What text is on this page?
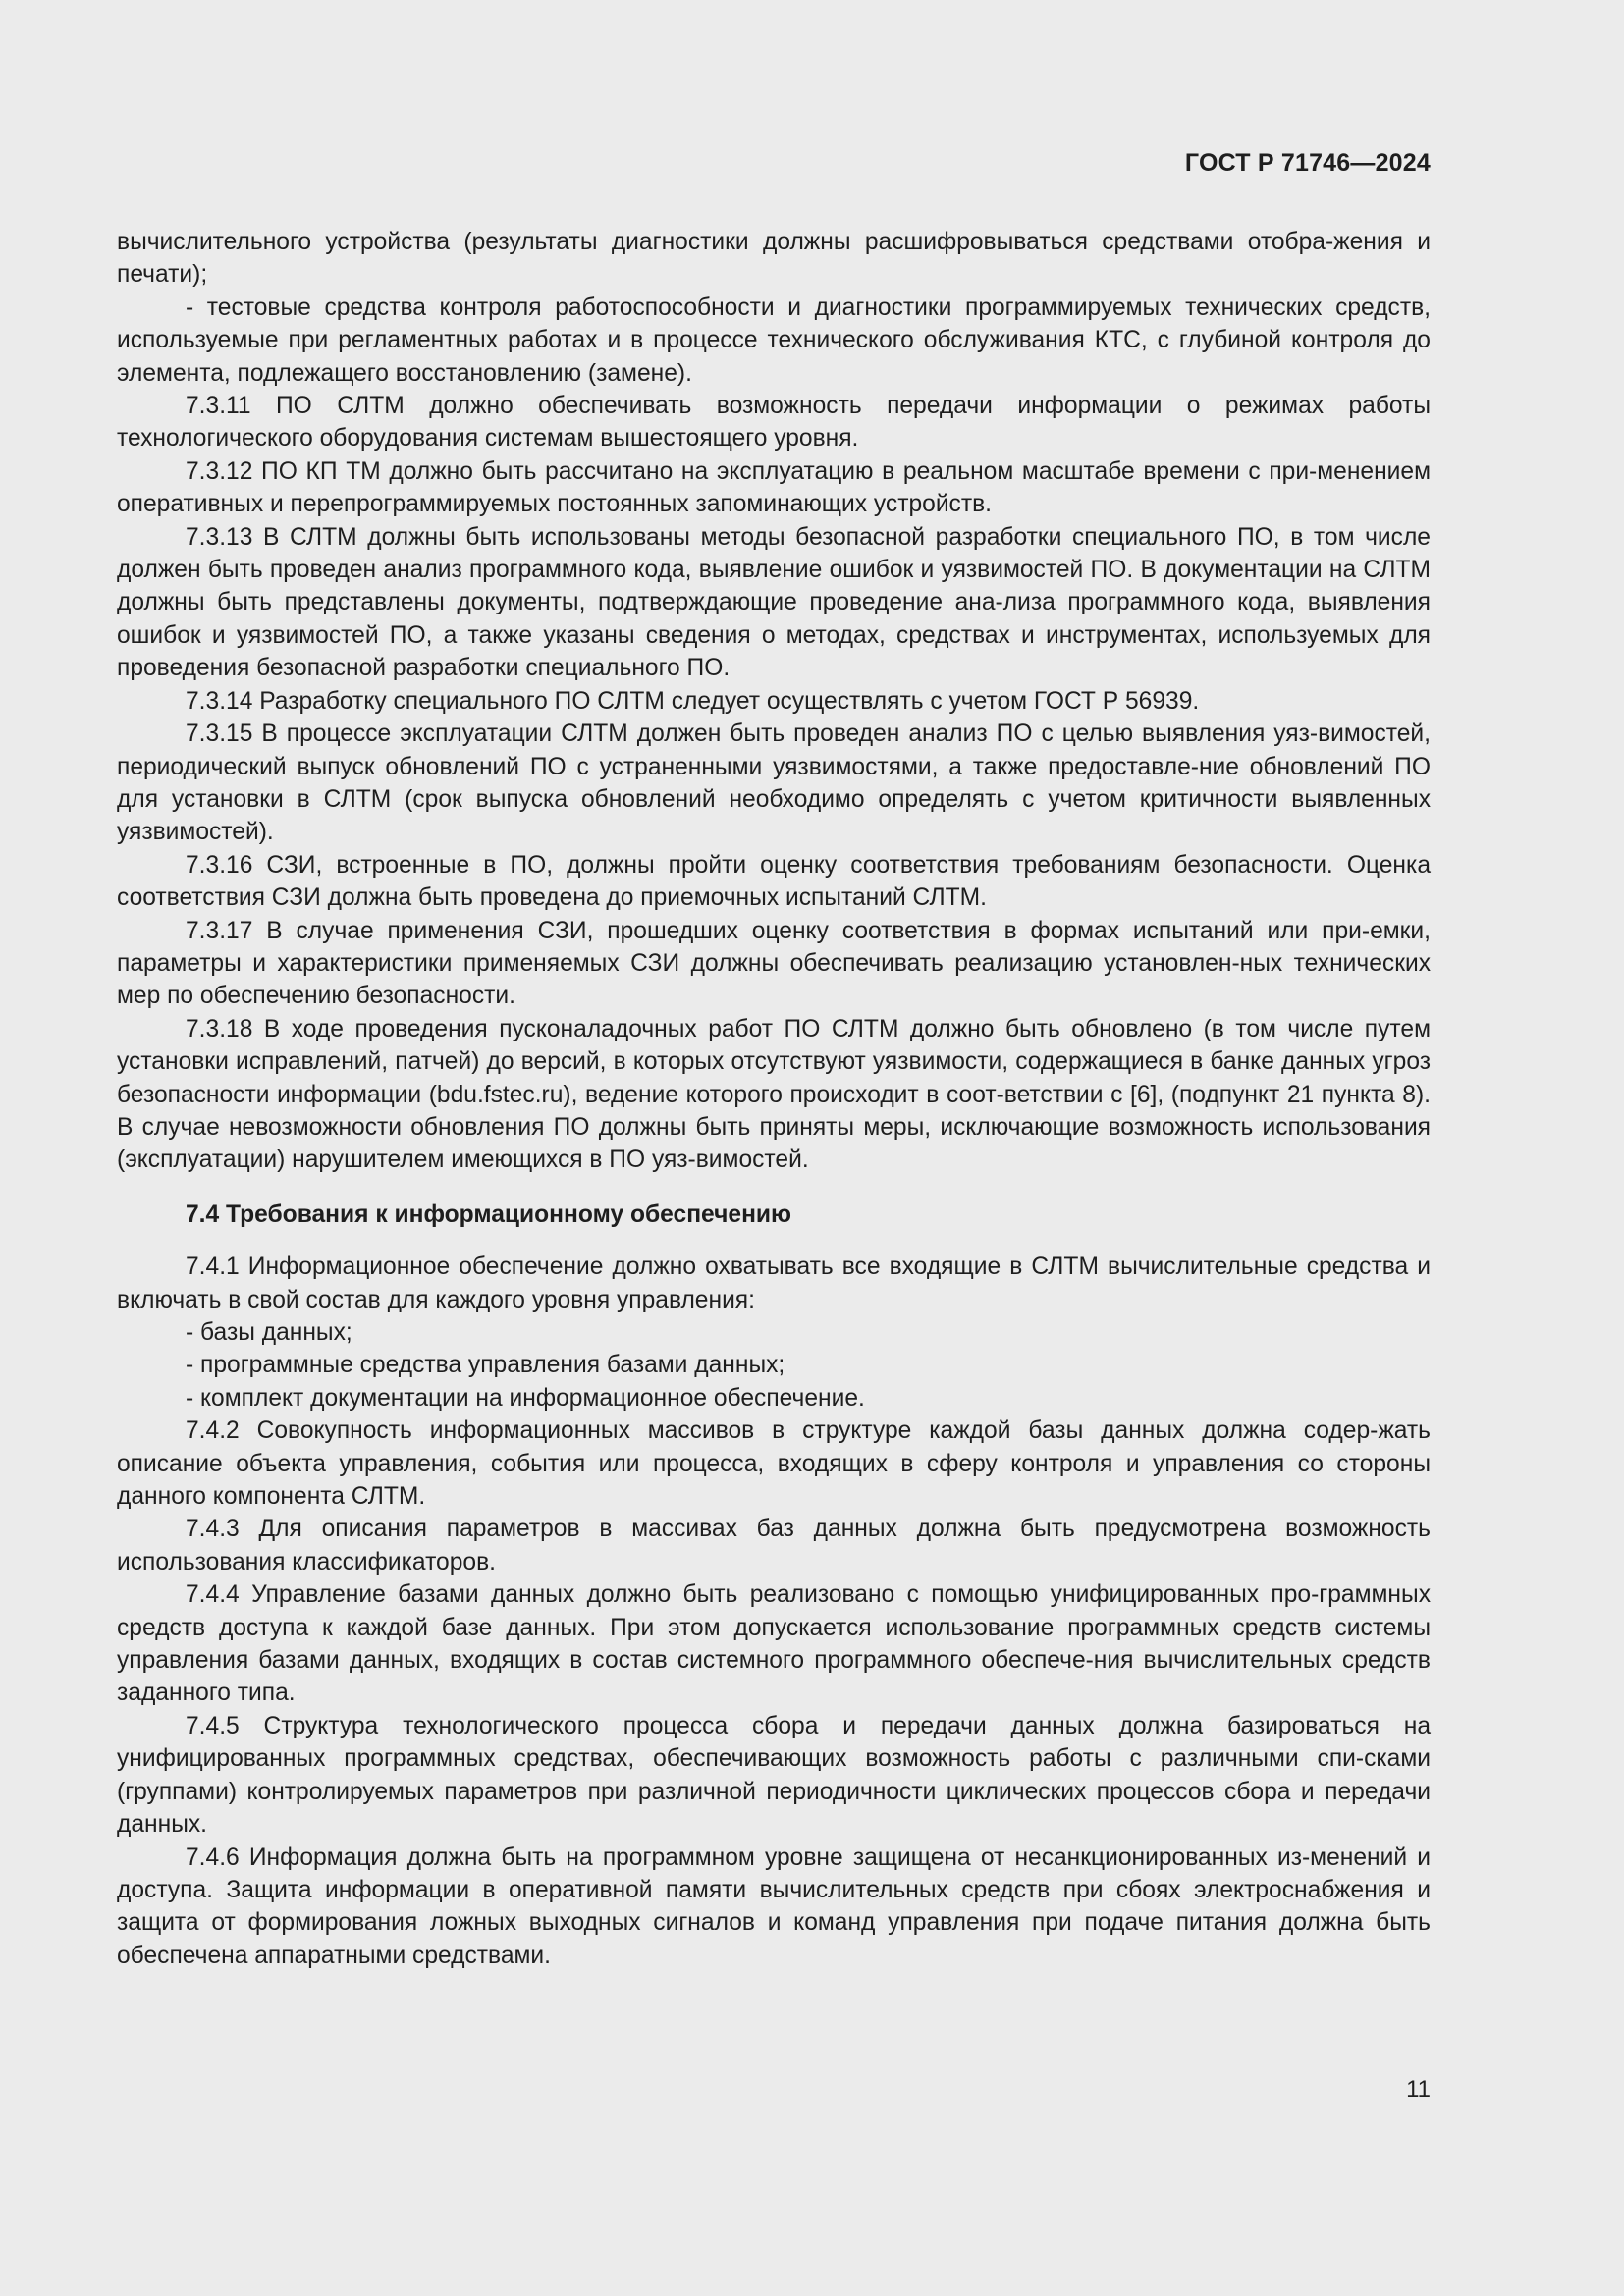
ГОСТ Р 71746—2024

вычислительного устройства (результаты диагностики должны расшифровываться средствами отобра-жения и печати);

- тестовые средства контроля работоспособности и диагностики программируемых технических средств, используемые при регламентных работах и в процессе технического обслуживания КТС, с глубиной контроля до элемента, подлежащего восстановлению (замене).

7.3.11 ПО СЛТМ должно обеспечивать возможность передачи информации о режимах работы технологического оборудования системам вышестоящего уровня.

7.3.12 ПО КП ТМ должно быть рассчитано на эксплуатацию в реальном масштабе времени с при-менением оперативных и перепрограммируемых постоянных запоминающих устройств.

7.3.13 В СЛТМ должны быть использованы методы безопасной разработки специального ПО, в том числе должен быть проведен анализ программного кода, выявление ошибок и уязвимостей ПО. В документации на СЛТМ должны быть представлены документы, подтверждающие проведение ана-лиза программного кода, выявления ошибок и уязвимостей ПО, а также указаны сведения о методах, средствах и инструментах, используемых для проведения безопасной разработки специального ПО.

7.3.14 Разработку специального ПО СЛТМ следует осуществлять с учетом ГОСТ Р 56939.

7.3.15 В процессе эксплуатации СЛТМ должен быть проведен анализ ПО с целью выявления уяз-вимостей, периодический выпуск обновлений ПО с устраненными уязвимостями, а также предоставле-ние обновлений ПО для установки в СЛТМ (срок выпуска обновлений необходимо определять с учетом критичности выявленных уязвимостей).

7.3.16 СЗИ, встроенные в ПО, должны пройти оценку соответствия требованиям безопасности. Оценка соответствия СЗИ должна быть проведена до приемочных испытаний СЛТМ.

7.3.17 В случае применения СЗИ, прошедших оценку соответствия в формах испытаний или при-емки, параметры и характеристики применяемых СЗИ должны обеспечивать реализацию установлен-ных технических мер по обеспечению безопасности.

7.3.18 В ходе проведения пусконаладочных работ ПО СЛТМ должно быть обновлено (в том числе путем установки исправлений, патчей) до версий, в которых отсутствуют уязвимости, содержащиеся в банке данных угроз безопасности информации (bdu.fstec.ru), ведение которого происходит в соот-ветствии с [6], (подпункт 21 пункта 8). В случае невозможности обновления ПО должны быть приняты меры, исключающие возможность использования (эксплуатации) нарушителем имеющихся в ПО уяз-вимостей.

7.4 Требования к информационному обеспечению

7.4.1 Информационное обеспечение должно охватывать все входящие в СЛТМ вычислительные средства и включать в свой состав для каждого уровня управления:

- базы данных;

- программные средства управления базами данных;

- комплект документации на информационное обеспечение.

7.4.2 Совокупность информационных массивов в структуре каждой базы данных должна содер-жать описание объекта управления, события или процесса, входящих в сферу контроля и управления со стороны данного компонента СЛТМ.

7.4.3 Для описания параметров в массивах баз данных должна быть предусмотрена возможность использования классификаторов.

7.4.4 Управление базами данных должно быть реализовано с помощью унифицированных про-граммных средств доступа к каждой базе данных. При этом допускается использование программных средств системы управления базами данных, входящих в состав системного программного обеспече-ния вычислительных средств заданного типа.

7.4.5 Структура технологического процесса сбора и передачи данных должна базироваться на унифицированных программных средствах, обеспечивающих возможность работы с различными спи-сками (группами) контролируемых параметров при различной периодичности циклических процессов сбора и передачи данных.

7.4.6 Информация должна быть на программном уровне защищена от несанкционированных из-менений и доступа. Защита информации в оперативной памяти вычислительных средств при сбоях электроснабжения и защита от формирования ложных выходных сигналов и команд управления при подаче питания должна быть обеспечена аппаратными средствами.

11
